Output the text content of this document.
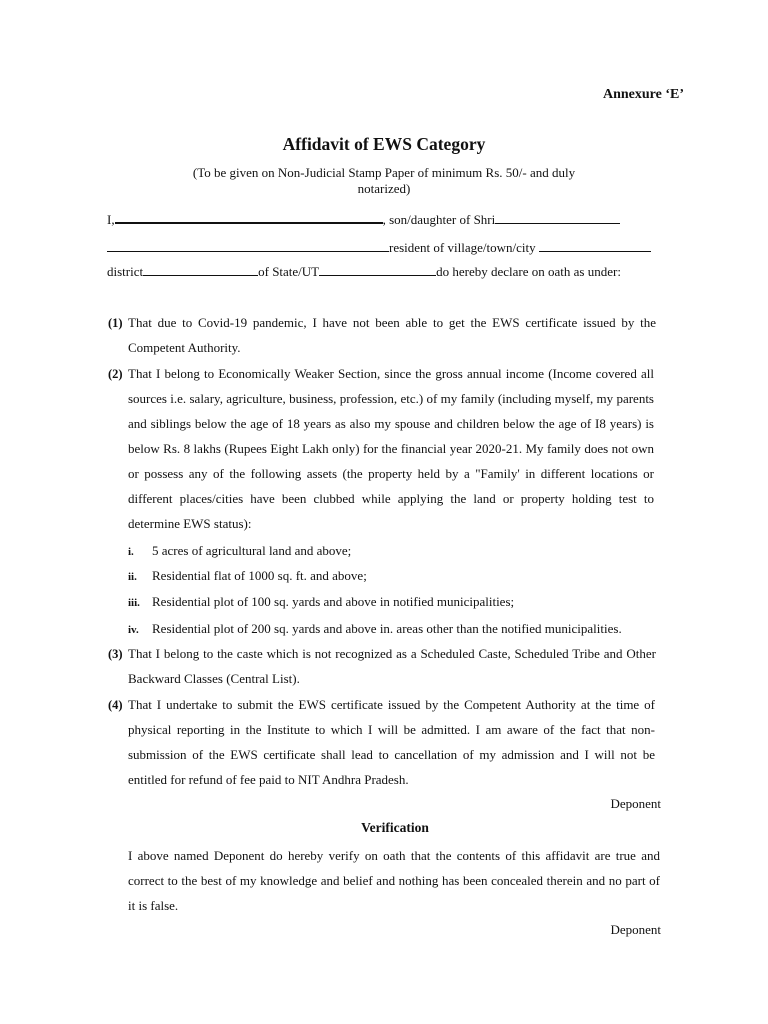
Annexure ‘E’
Affidavit of EWS Category
(To be given on Non-Judicial Stamp Paper of minimum Rs. 50/- and duly notarized)
I,	, son/daughter of Shri
resident of village/town/city
district	of State/UT	do hereby declare on oath as under:
(1) That due to Covid-19 pandemic, I have not been able to get the EWS certificate issued by the Competent Authority.
(2) That I belong to Economically Weaker Section, since the gross annual income (Income covered all sources i.e. salary, agriculture, business, profession, etc.) of my family (including myself, my parents and siblings below the age of 18 years as also my spouse and children below the age of I8 years) is below Rs. 8 lakhs (Rupees Eight Lakh only) for the financial year 2020-21. My family does not own or possess any of the following assets (the property held by a "Family' in different locations or different places/cities have been clubbed while applying the land or property holding test to determine EWS status):
i. 5 acres of agricultural land and above;
ii. Residential flat of 1000 sq. ft. and above;
iii. Residential plot of 100 sq. yards and above in notified municipalities;
iv. Residential plot of 200 sq. yards and above in. areas other than the notified municipalities.
(3) That I belong to the caste which is not recognized as a Scheduled Caste, Scheduled Tribe and Other Backward Classes (Central List).
(4) That I undertake to submit the EWS certificate issued by the Competent Authority at the time of physical reporting in the Institute to which I will be admitted. I am aware of the fact that non-submission of the EWS certificate shall lead to cancellation of my admission and I will not be entitled for refund of fee paid to NIT Andhra Pradesh.
Deponent
Verification
I above named Deponent do hereby verify on oath that the contents of this affidavit are true and correct to the best of my knowledge and belief and nothing has been concealed therein and no part of it is false.
Deponent
